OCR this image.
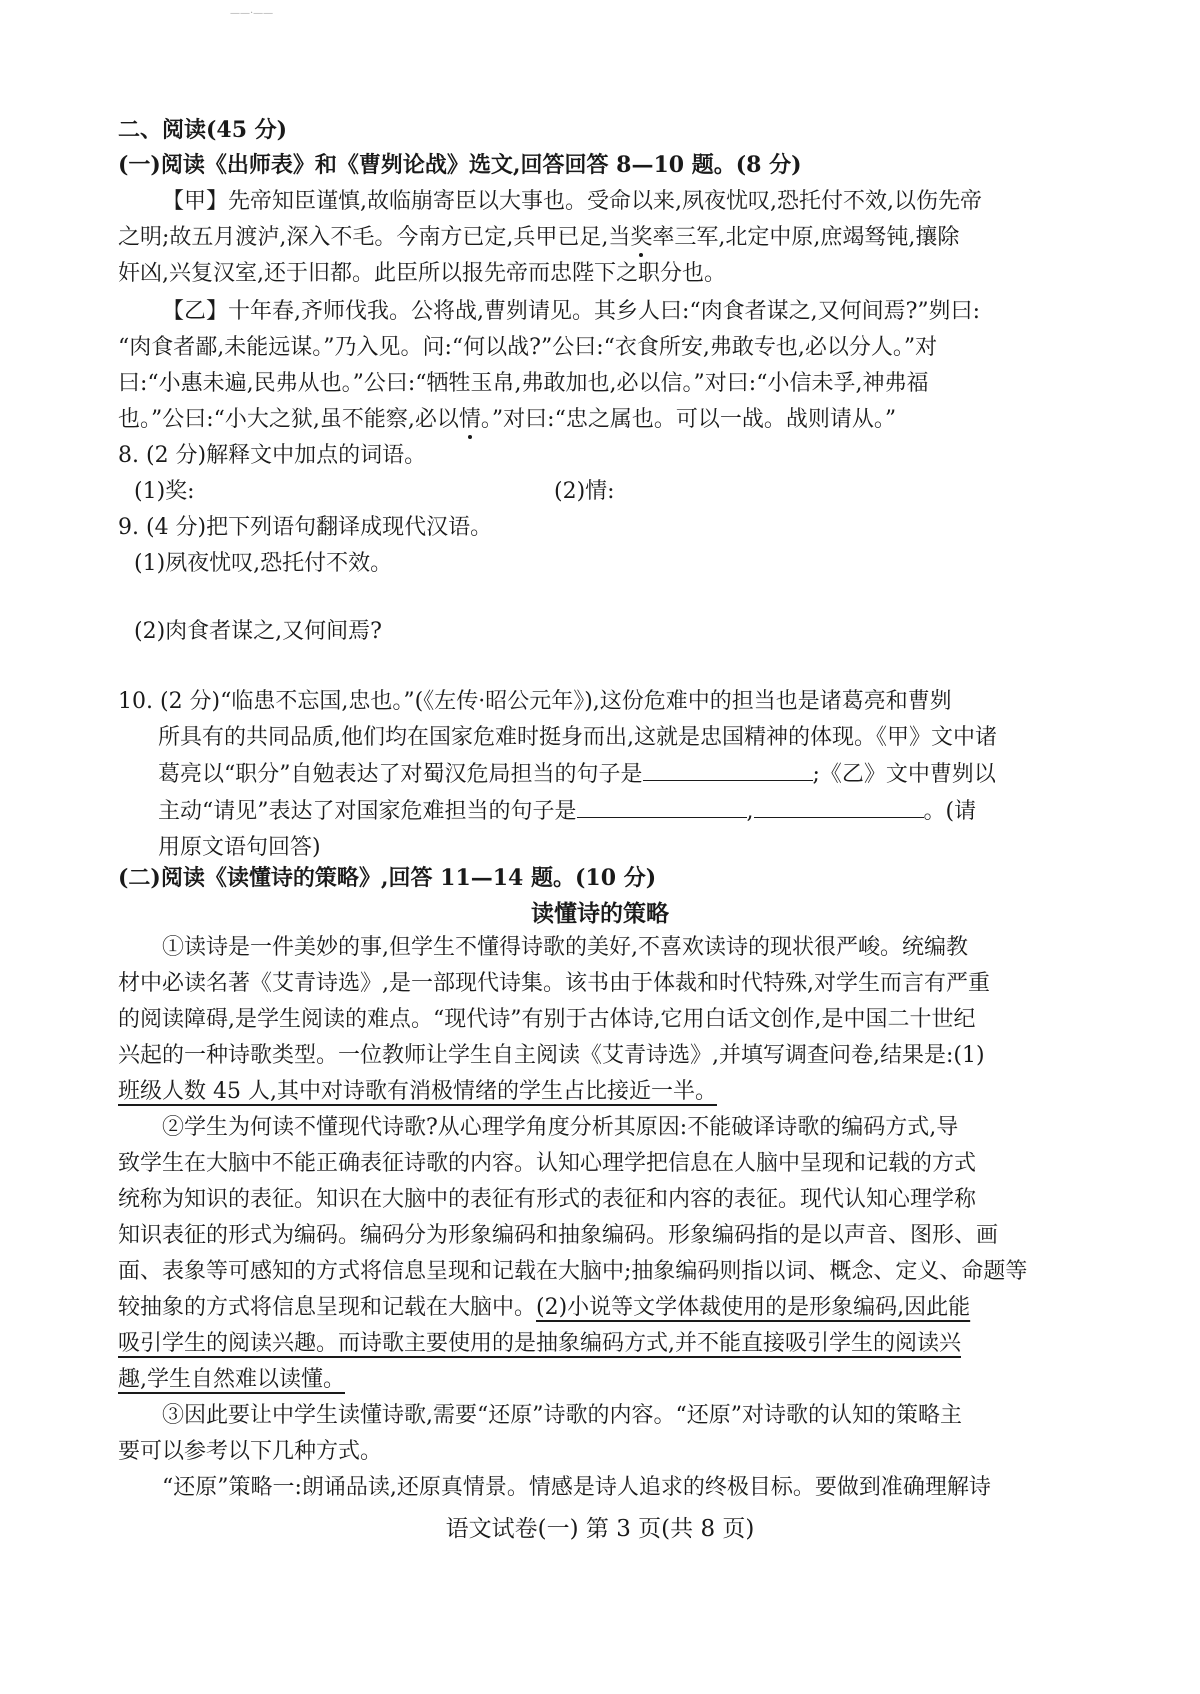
——·——
二、阅读(45 分)
(一)阅读《出师表》和《曹刿论战》选文,回答回答 8—10 题。(8 分)
【甲】先帝知臣谨慎,故临崩寄臣以大事也。受命以来,夙夜忧叹,恐托付不效,以伤先帝
之明;故五月渡泸,深入不毛。今南方已定,兵甲已足,当奖率三军,北定中原,庶竭驽钝,攘除
奸凶,兴复汉室,还于旧都。此臣所以报先帝而忠陛下之职分也。
【乙】十年春,齐师伐我。公将战,曹刿请见。其乡人曰:“肉食者谋之,又何间焉?”刿曰:
“肉食者鄙,未能远谋。”乃入见。问:“何以战?”公曰:“衣食所安,弗敢专也,必以分人。”对
曰:“小惠未遍,民弗从也。”公曰:“牺牲玉帛,弗敢加也,必以信。”对曰:“小信未孚,神弗福
也。”公曰:“小大之狱,虽不能察,必以情。”对曰:“忠之属也。可以一战。战则请从。”
8. (2 分)解释文中加点的词语。
(1)奖:	(2)情:
9. (4 分)把下列语句翻译成现代汉语。
(1)夙夜忧叹,恐托付不效。
(2)肉食者谋之,又何间焉?
10. (2 分)“临患不忘国,忠也。”(《左传·昭公元年》),这份危难中的担当也是诸葛亮和曹刿
所具有的共同品质,他们均在国家危难时挺身而出,这就是忠国精神的体现。《甲》文中诸
葛亮以“职分”自勉表达了对蜀汉危局担当的句子是	;《乙》文中曹刿以
主动“请见”表达了对国家危难担当的句子是	,	。(请
用原文语句回答)
(二)阅读《读懂诗的策略》,回答 11—14 题。(10 分)
读懂诗的策略
①读诗是一件美妙的事,但学生不懂得诗歌的美好,不喜欢读诗的现状很严峻。统编教
材中必读名著《艾青诗选》,是一部现代诗集。该书由于体裁和时代特殊,对学生而言有严重
的阅读障碍,是学生阅读的难点。“现代诗”有别于古体诗,它用白话文创作,是中国二十世纪
兴起的一种诗歌类型。一位教师让学生自主阅读《艾青诗选》,并填写调查问卷,结果是:(1)
班级人数 45 人,其中对诗歌有消极情绪的学生占比接近一半。
②学生为何读不懂现代诗歌?从心理学角度分析其原因:不能破译诗歌的编码方式,导
致学生在大脑中不能正确表征诗歌的内容。认知心理学把信息在人脑中呈现和记载的方式
统称为知识的表征。知识在大脑中的表征有形式的表征和内容的表征。现代认知心理学称
知识表征的形式为编码。编码分为形象编码和抽象编码。形象编码指的是以声音、图形、画
面、表象等可感知的方式将信息呈现和记载在大脑中;抽象编码则指以词、概念、定义、命题等
较抽象的方式将信息呈现和记载在大脑中。(2)小说等文学体裁使用的是形象编码,因此能
吸引学生的阅读兴趣。而诗歌主要使用的是抽象编码方式,并不能直接吸引学生的阅读兴
趣,学生自然难以读懂。
③因此要让中学生读懂诗歌,需要“还原”诗歌的内容。“还原”对诗歌的认知的策略主
要可以参考以下几种方式。
“还原”策略一:朗诵品读,还原真情景。情感是诗人追求的终极目标。要做到准确理解诗
语文试卷(一) 第 3 页(共 8 页)
